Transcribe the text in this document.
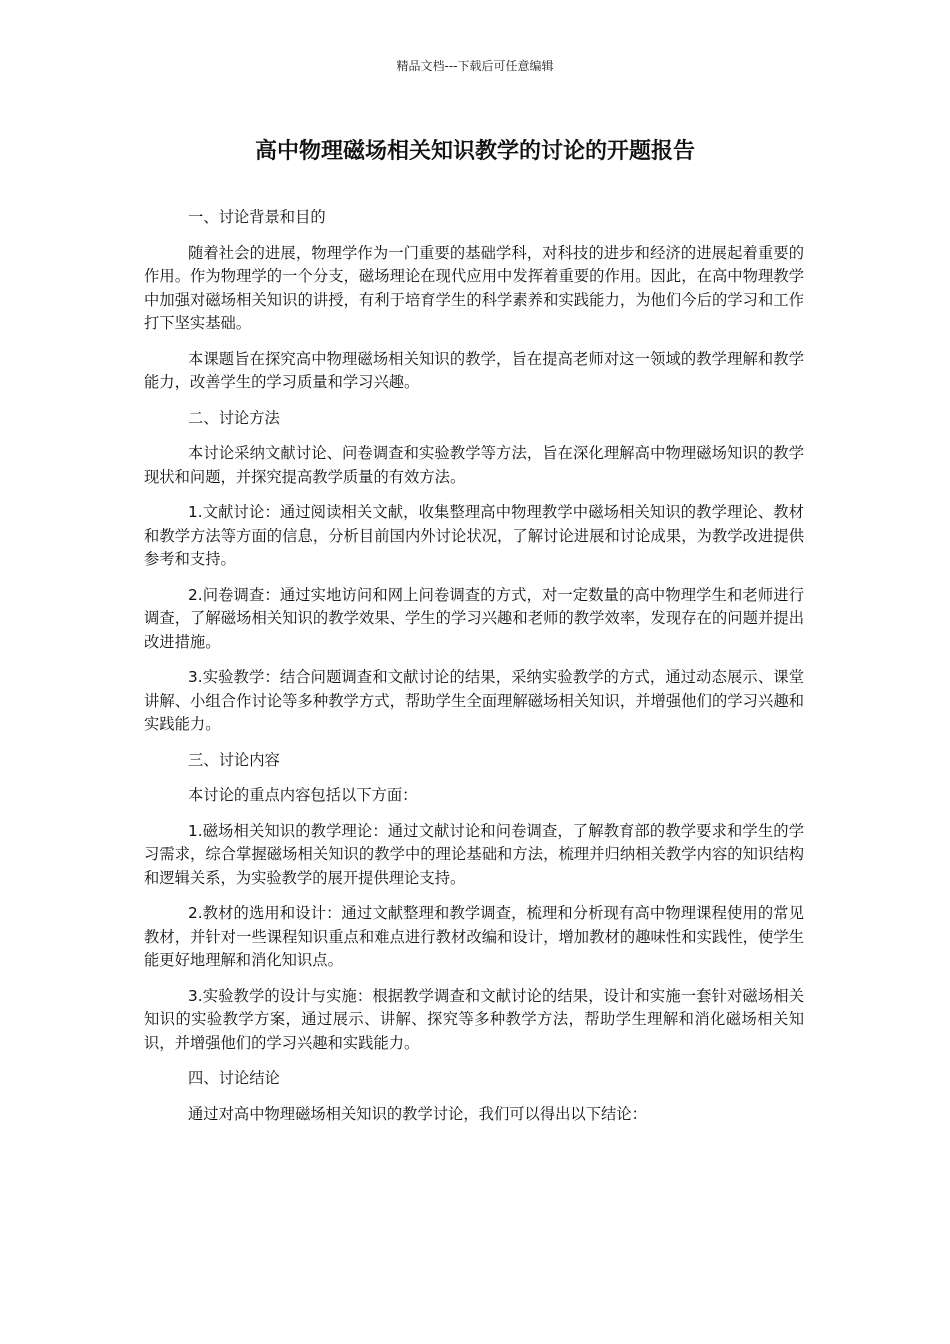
精品文档---下载后可任意编辑
高中物理磁场相关知识教学的讨论的开题报告

一、讨论背景和目的

随着社会的进展，物理学作为一门重要的基础学科，对科技的进步和经济的进展起着重要的作用。作为物理学的一个分支，磁场理论在现代应用中发挥着重要的作用。因此，在高中物理教学中加强对磁场相关知识的讲授，有利于培育学生的科学素养和实践能力，为他们今后的学习和工作打下坚实基础。

本课题旨在探究高中物理磁场相关知识的教学，旨在提高老师对这一领域的教学理解和教学能力，改善学生的学习质量和学习兴趣。

二、讨论方法

本讨论采纳文献讨论、问卷调查和实验教学等方法，旨在深化理解高中物理磁场知识的教学现状和问题，并探究提高教学质量的有效方法。

1.文献讨论：通过阅读相关文献，收集整理高中物理教学中磁场相关知识的教学理论、教材和教学方法等方面的信息，分析目前国内外讨论状况，了解讨论进展和讨论成果，为教学改进提供参考和支持。

2.问卷调查：通过实地访问和网上问卷调查的方式，对一定数量的高中物理学生和老师进行调查，了解磁场相关知识的教学效果、学生的学习兴趣和老师的教学效率，发现存在的问题并提出改进措施。

3.实验教学：结合问题调查和文献讨论的结果，采纳实验教学的方式，通过动态展示、课堂讲解、小组合作讨论等多种教学方式，帮助学生全面理解磁场相关知识，并增强他们的学习兴趣和实践能力。

三、讨论内容

本讨论的重点内容包括以下方面：

1.磁场相关知识的教学理论：通过文献讨论和问卷调查，了解教育部的教学要求和学生的学习需求，综合掌握磁场相关知识的教学中的理论基础和方法，梳理并归纳相关教学内容的知识结构和逻辑关系，为实验教学的展开提供理论支持。

2.教材的选用和设计：通过文献整理和教学调查，梳理和分析现有高中物理课程使用的常见教材，并针对一些课程知识重点和难点进行教材改编和设计，增加教材的趣味性和实践性，使学生能更好地理解和消化知识点。

3.实验教学的设计与实施：根据教学调查和文献讨论的结果，设计和实施一套针对磁场相关知识的实验教学方案，通过展示、讲解、探究等多种教学方法，帮助学生理解和消化磁场相关知识，并增强他们的学习兴趣和实践能力。

四、讨论结论

通过对高中物理磁场相关知识的教学讨论，我们可以得出以下结论：
